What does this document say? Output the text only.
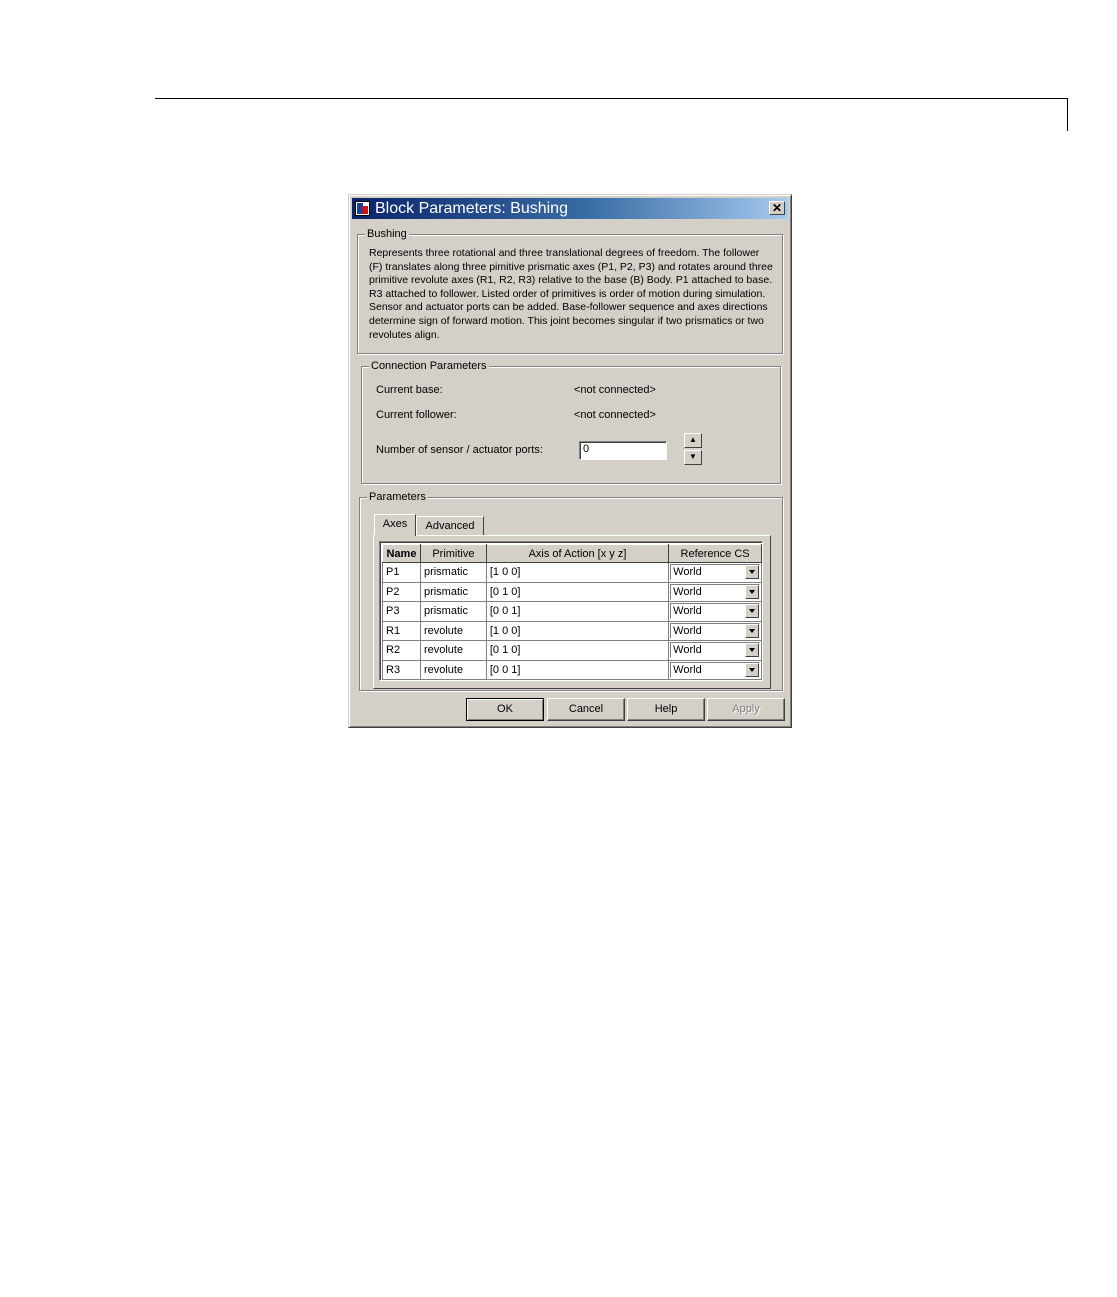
Block Parameters: Bushing	✕
Bushing
Represents three rotational and three translational degrees of freedom. The follower (F) translates along three pimitive prismatic axes (P1, P2, P3) and rotates around three primitive revolute axes (R1, R2, R3) relative to the base (B) Body. P1 attached to base. R3 attached to follower. Listed order of primitives is order of motion during simulation. Sensor and actuator ports can be added. Base-follower sequence and axes directions determine sign of forward motion. This joint becomes singular if two prismatics or two revolutes align.
Connection Parameters
Current base:	<not connected>
Current follower:	<not connected>
Number of sensor / actuator ports:	0
▲
▼
Parameters
Axes	Advanced
Name	Primitive	Axis of Action [x y z]	Reference CS
P1	prismatic	[1 0 0]	World

P2	prismatic	[0 1 0]	World

P3	prismatic	[0 0 1]	World

R1	revolute	[1 0 0]	World

R2	revolute	[0 1 0]	World

R3	revolute	[0 0 1]	World
OK	Cancel	Help	Apply
